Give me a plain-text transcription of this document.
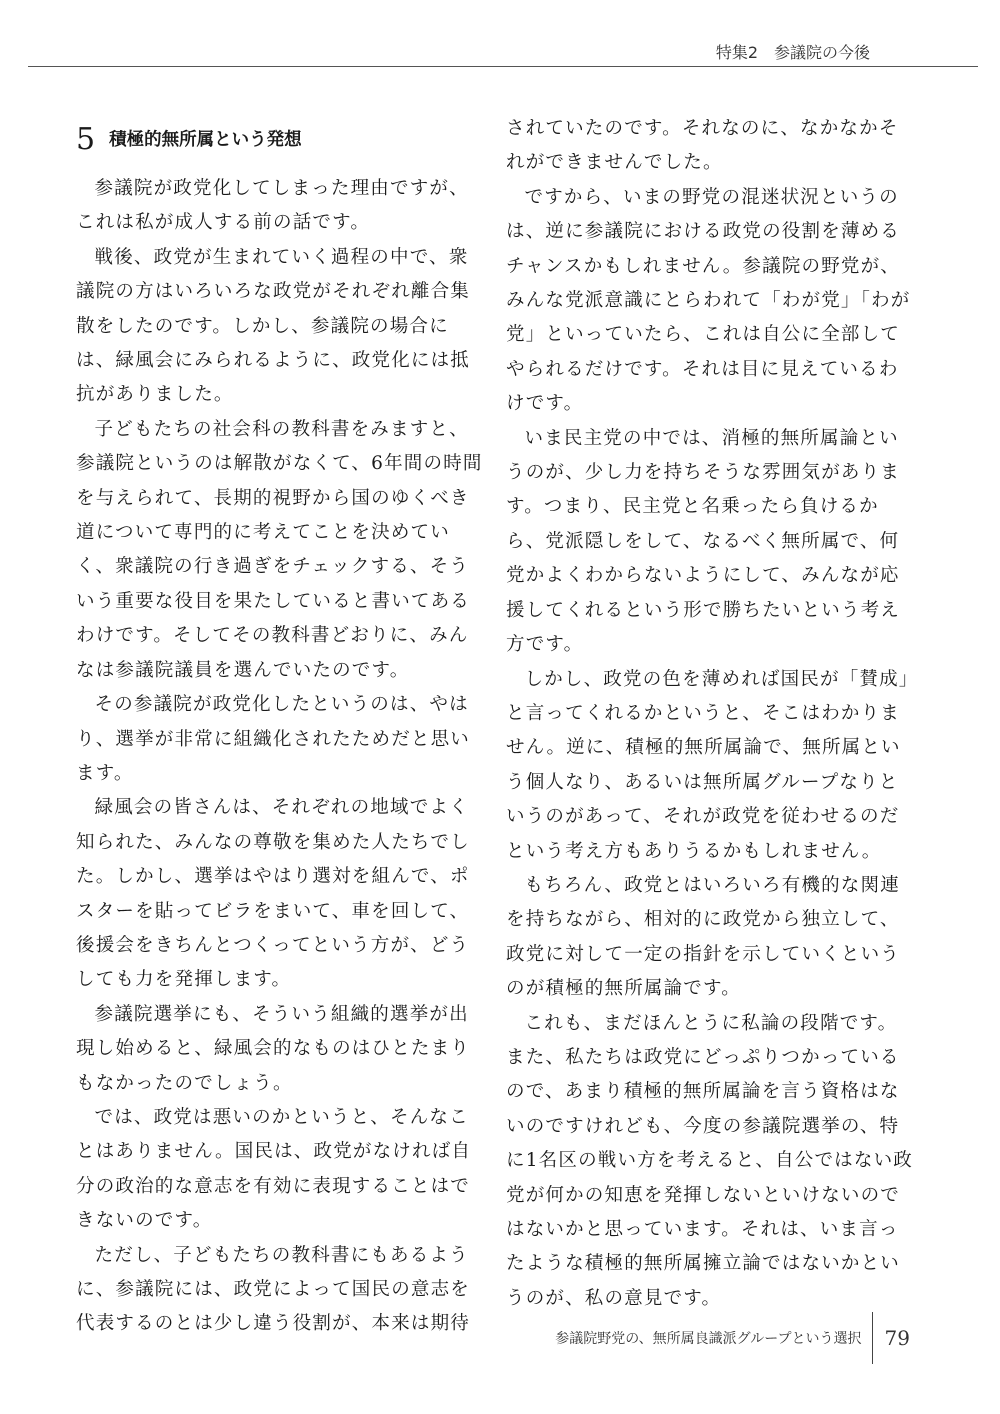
特集2　参議院の今後
5 積極的無所属という発想

参議院が政党化してしまった理由ですが、これは私が成人する前の話です。

戦後、政党が生まれていく過程の中で、衆議院の方はいろいろな政党がそれぞれ離合集散をしたのです。しかし、参議院の場合には、緑風会にみられるように、政党化には抵抗がありました。

子どもたちの社会科の教科書をみますと、参議院というのは解散がなくて、6年間の時間を与えられて、長期的視野から国のゆくべき道について専門的に考えてことを決めていく、衆議院の行き過ぎをチェックする、そういう重要な役目を果たしていると書いてあるわけです。そしてその教科書どおりに、みんなは参議院議員を選んでいたのです。

その参議院が政党化したというのは、やはり、選挙が非常に組織化されたためだと思います。

緑風会の皆さんは、それぞれの地域でよく知られた、みんなの尊敬を集めた人たちでした。しかし、選挙はやはり選対を組んで、ポスターを貼ってビラをまいて、車を回して、後援会をきちんとつくってという方が、どうしても力を発揮します。

参議院選挙にも、そういう組織的選挙が出現し始めると、緑風会的なものはひとたまりもなかったのでしょう。

では、政党は悪いのかというと、そんなことはありません。国民は、政党がなければ自分の政治的な意志を有効に表現することはできないのです。

ただし、子どもたちの教科書にもあるように、参議院には、政党によって国民の意志を代表するのとは少し違う役割が、本来は期待

されていたのです。それなのに、なかなかそれができませんでした。

ですから、いまの野党の混迷状況というのは、逆に参議院における政党の役割を薄めるチャンスかもしれません。参議院の野党が、みんな党派意識にとらわれて「わが党」「わが党」といっていたら、これは自公に全部してやられるだけです。それは目に見えているわけです。

いま民主党の中では、消極的無所属論というのが、少し力を持ちそうな雰囲気があります。つまり、民主党と名乗ったら負けるから、党派隠しをして、なるべく無所属で、何党かよくわからないようにして、みんなが応援してくれるという形で勝ちたいという考え方です。

しかし、政党の色を薄めれば国民が「賛成」と言ってくれるかというと、そこはわかりません。逆に、積極的無所属論で、無所属という個人なり、あるいは無所属グループなりというのがあって、それが政党を従わせるのだという考え方もありうるかもしれません。

もちろん、政党とはいろいろ有機的な関連を持ちながら、相対的に政党から独立して、政党に対して一定の指針を示していくというのが積極的無所属論です。

これも、まだほんとうに私論の段階です。また、私たちは政党にどっぷりつかっているので、あまり積極的無所属論を言う資格はないのですけれども、今度の参議院選挙の、特に1名区の戦い方を考えると、自公ではない政党が何かの知恵を発揮しないといけないのではないかと思っています。それは、いま言ったような積極的無所属擁立論ではないかというのが、私の意見です。

参議院野党の、無所属良識派グループという選択	79
